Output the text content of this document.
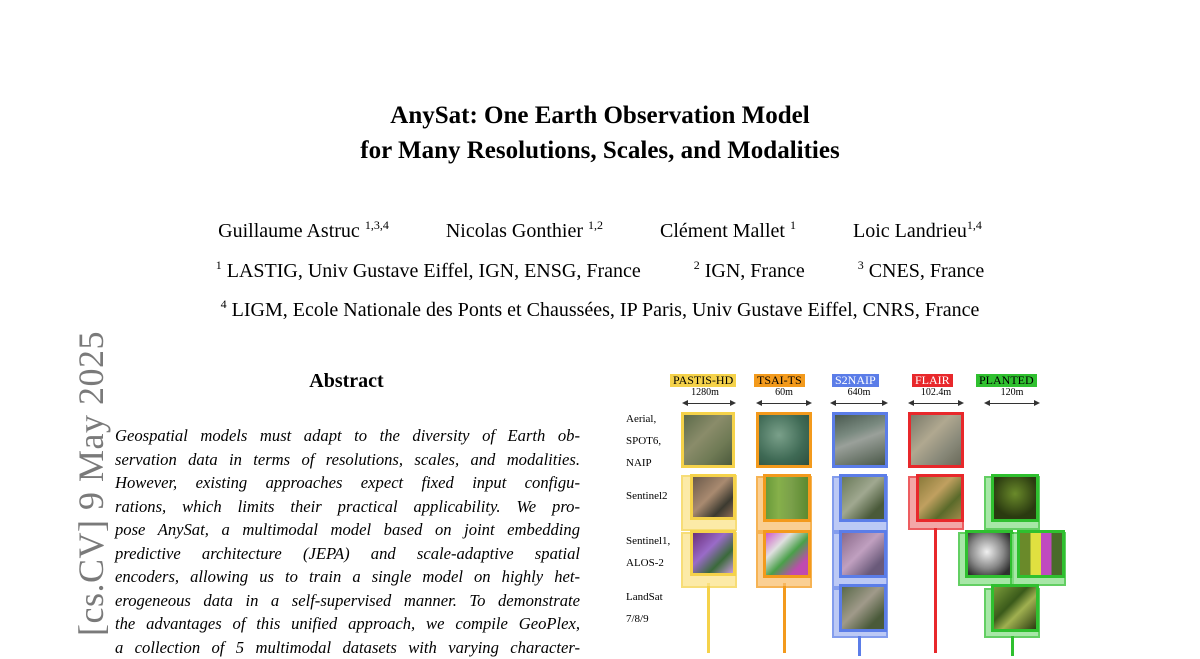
[cs.CV] 9 May 2025
AnySat: One Earth Observation Model
for Many Resolutions, Scales, and Modalities
Guillaume Astruc $^{1,3,4}$	Nicolas Gonthier $^{1,2}$	Clément Mallet $^1$	Loic Landrieu$^{1,4}$
$^1$ LASTIG, Univ Gustave Eiffel, IGN, ENSG, France	$^2$ IGN, France	$^3$ CNES, France
$^4$ LIGM, Ecole Nationale des Ponts et Chaussées, IP Paris, Univ Gustave Eiffel, CNRS, France
Abstract
Geospatial models must adapt to the diversity of Earth ob-
servation data in terms of resolutions, scales, and modalities.
However, existing approaches expect fixed input configu-
rations, which limits their practical applicability. We pro-
pose AnySat, a multimodal model based on joint embedding
predictive architecture (JEPA) and scale-adaptive spatial
encoders, allowing us to train a single model on highly het-
erogeneous data in a self-supervised manner. To demonstrate
the advantages of this unified approach, we compile GeoPlex,
a collection of 5 multimodal datasets with varying character-
PASTIS-HD TSAI-TS	S2NAIP	FLAIR PLANTED
1280m	60m	640m	102.4m	120m
Aerial,
SPOT6,
NAIP
Sentinel2
Sentinel1,
ALOS-2
LandSat
7/8/9
